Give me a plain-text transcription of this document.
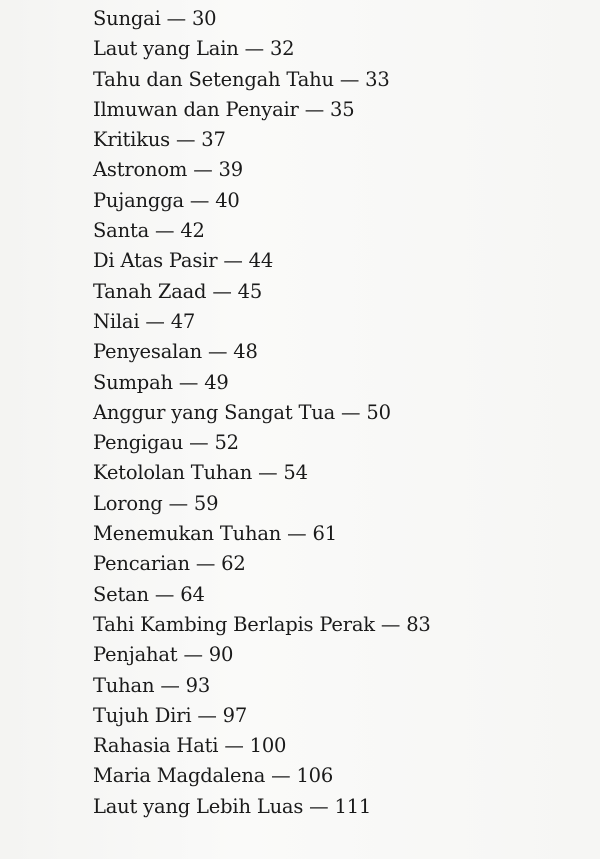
Sungai — 30
Laut yang Lain — 32
Tahu dan Setengah Tahu — 33
Ilmuwan dan Penyair — 35
Kritikus — 37
Astronom — 39
Pujangga — 40
Santa — 42
Di Atas Pasir — 44
Tanah Zaad — 45
Nilai — 47
Penyesalan — 48
Sumpah — 49
Anggur yang Sangat Tua — 50
Pengigau — 52
Ketololan Tuhan — 54
Lorong — 59
Menemukan Tuhan — 61
Pencarian — 62
Setan — 64
Tahi Kambing Berlapis Perak — 83
Penjahat — 90
Tuhan — 93
Tujuh Diri — 97
Rahasia Hati — 100
Maria Magdalena — 106
Laut yang Lebih Luas — 111
